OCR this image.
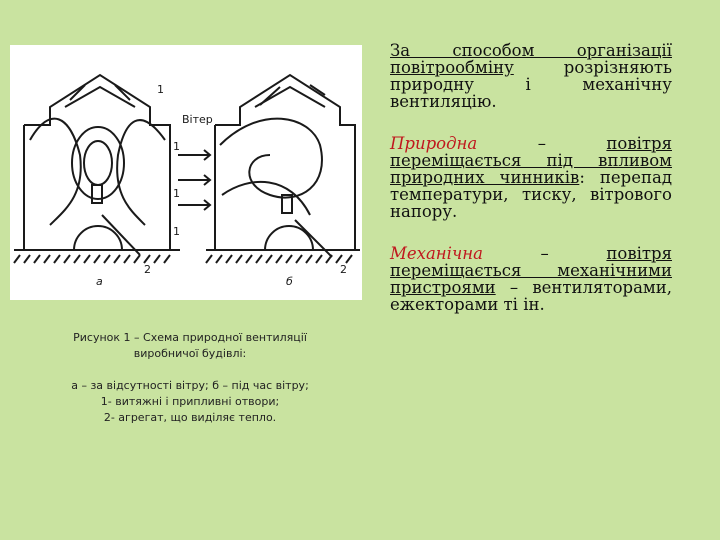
Вітер
1
1
1
1
2	2
а	б

Рисунок 1 – Схема природної вентиляції

виробничої будівлі:

а – за відсутності вітру; б – під час вітру;

1- витяжні і припливні отвори;

2- агрегат, що виділяє тепло.

За способом організації повітрообміну розрізняють природну і механічну вентиляцію.

Природна – повітря переміщається під впливом природних чинників: перепад температури, тиску, вітрового напору.

Механічна – повітря переміщається механічними пристроями – вентиляторами, ежекторами ті ін.
